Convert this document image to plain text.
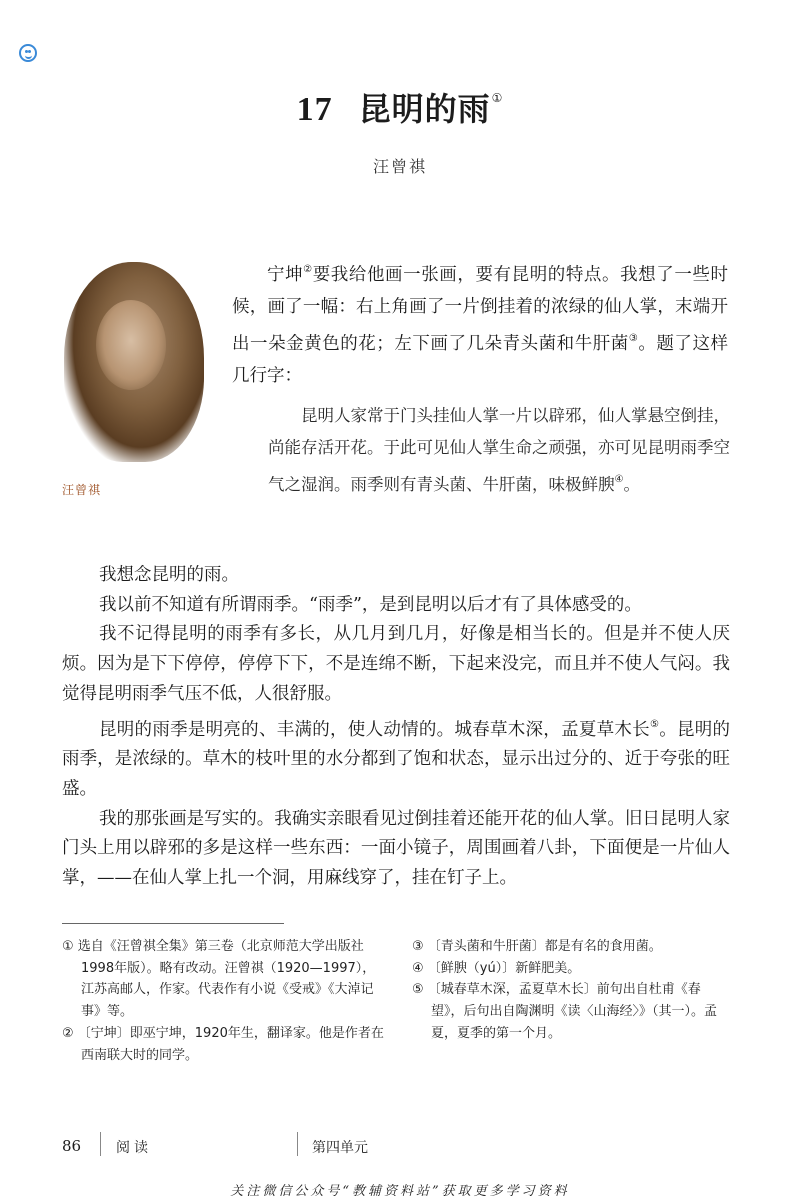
17 昆明的雨①
汪曾祺
汪曾祺

宁坤②要我给他画一张画，要有昆明的特点。我想了一些时候，画了一幅：右上角画了一片倒挂着的浓绿的仙人掌，末端开出一朵金黄色的花；左下画了几朵青头菌和牛肝菌③。题了这样几行字：

昆明人家常于门头挂仙人掌一片以辟邪，仙人掌悬空倒挂，尚能存活开花。于此可见仙人掌生命之顽强，亦可见昆明雨季空气之湿润。雨季则有青头菌、牛肝菌，味极鲜腴④。

我想念昆明的雨。

我以前不知道有所谓雨季。“雨季”，是到昆明以后才有了具体感受的。

我不记得昆明的雨季有多长，从几月到几月，好像是相当长的。但是并不使人厌烦。因为是下下停停，停停下下，不是连绵不断，下起来没完，而且并不使人气闷。我觉得昆明雨季气压不低，人很舒服。

昆明的雨季是明亮的、丰满的，使人动情的。城春草木深，孟夏草木长⑤。昆明的雨季，是浓绿的。草木的枝叶里的水分都到了饱和状态，显示出过分的、近于夸张的旺盛。

我的那张画是写实的。我确实亲眼看见过倒挂着还能开花的仙人掌。旧日昆明人家门头上用以辟邪的多是这样一些东西：一面小镜子，周围画着八卦，下面便是一片仙人掌，——在仙人掌上扎一个洞，用麻线穿了，挂在钉子上。

① 选自《汪曾祺全集》第三卷（北京师范大学出版社1998年版）。略有改动。汪曾祺（1920—1997），江苏高邮人，作家。代表作有小说《受戒》《大淖记事》等。
② 〔宁坤〕即巫宁坤，1920年生，翻译家。他是作者在西南联大时的同学。
③ 〔青头菌和牛肝菌〕都是有名的食用菌。
④ 〔鲜腴（yú）〕新鲜肥美。
⑤ 〔城春草木深，孟夏草木长〕前句出自杜甫《春望》，后句出自陶渊明《读〈山海经〉》（其一）。孟夏，夏季的第一个月。
86 阅读	第四单元
关注微信公众号“教辅资料站”获取更多学习资料
